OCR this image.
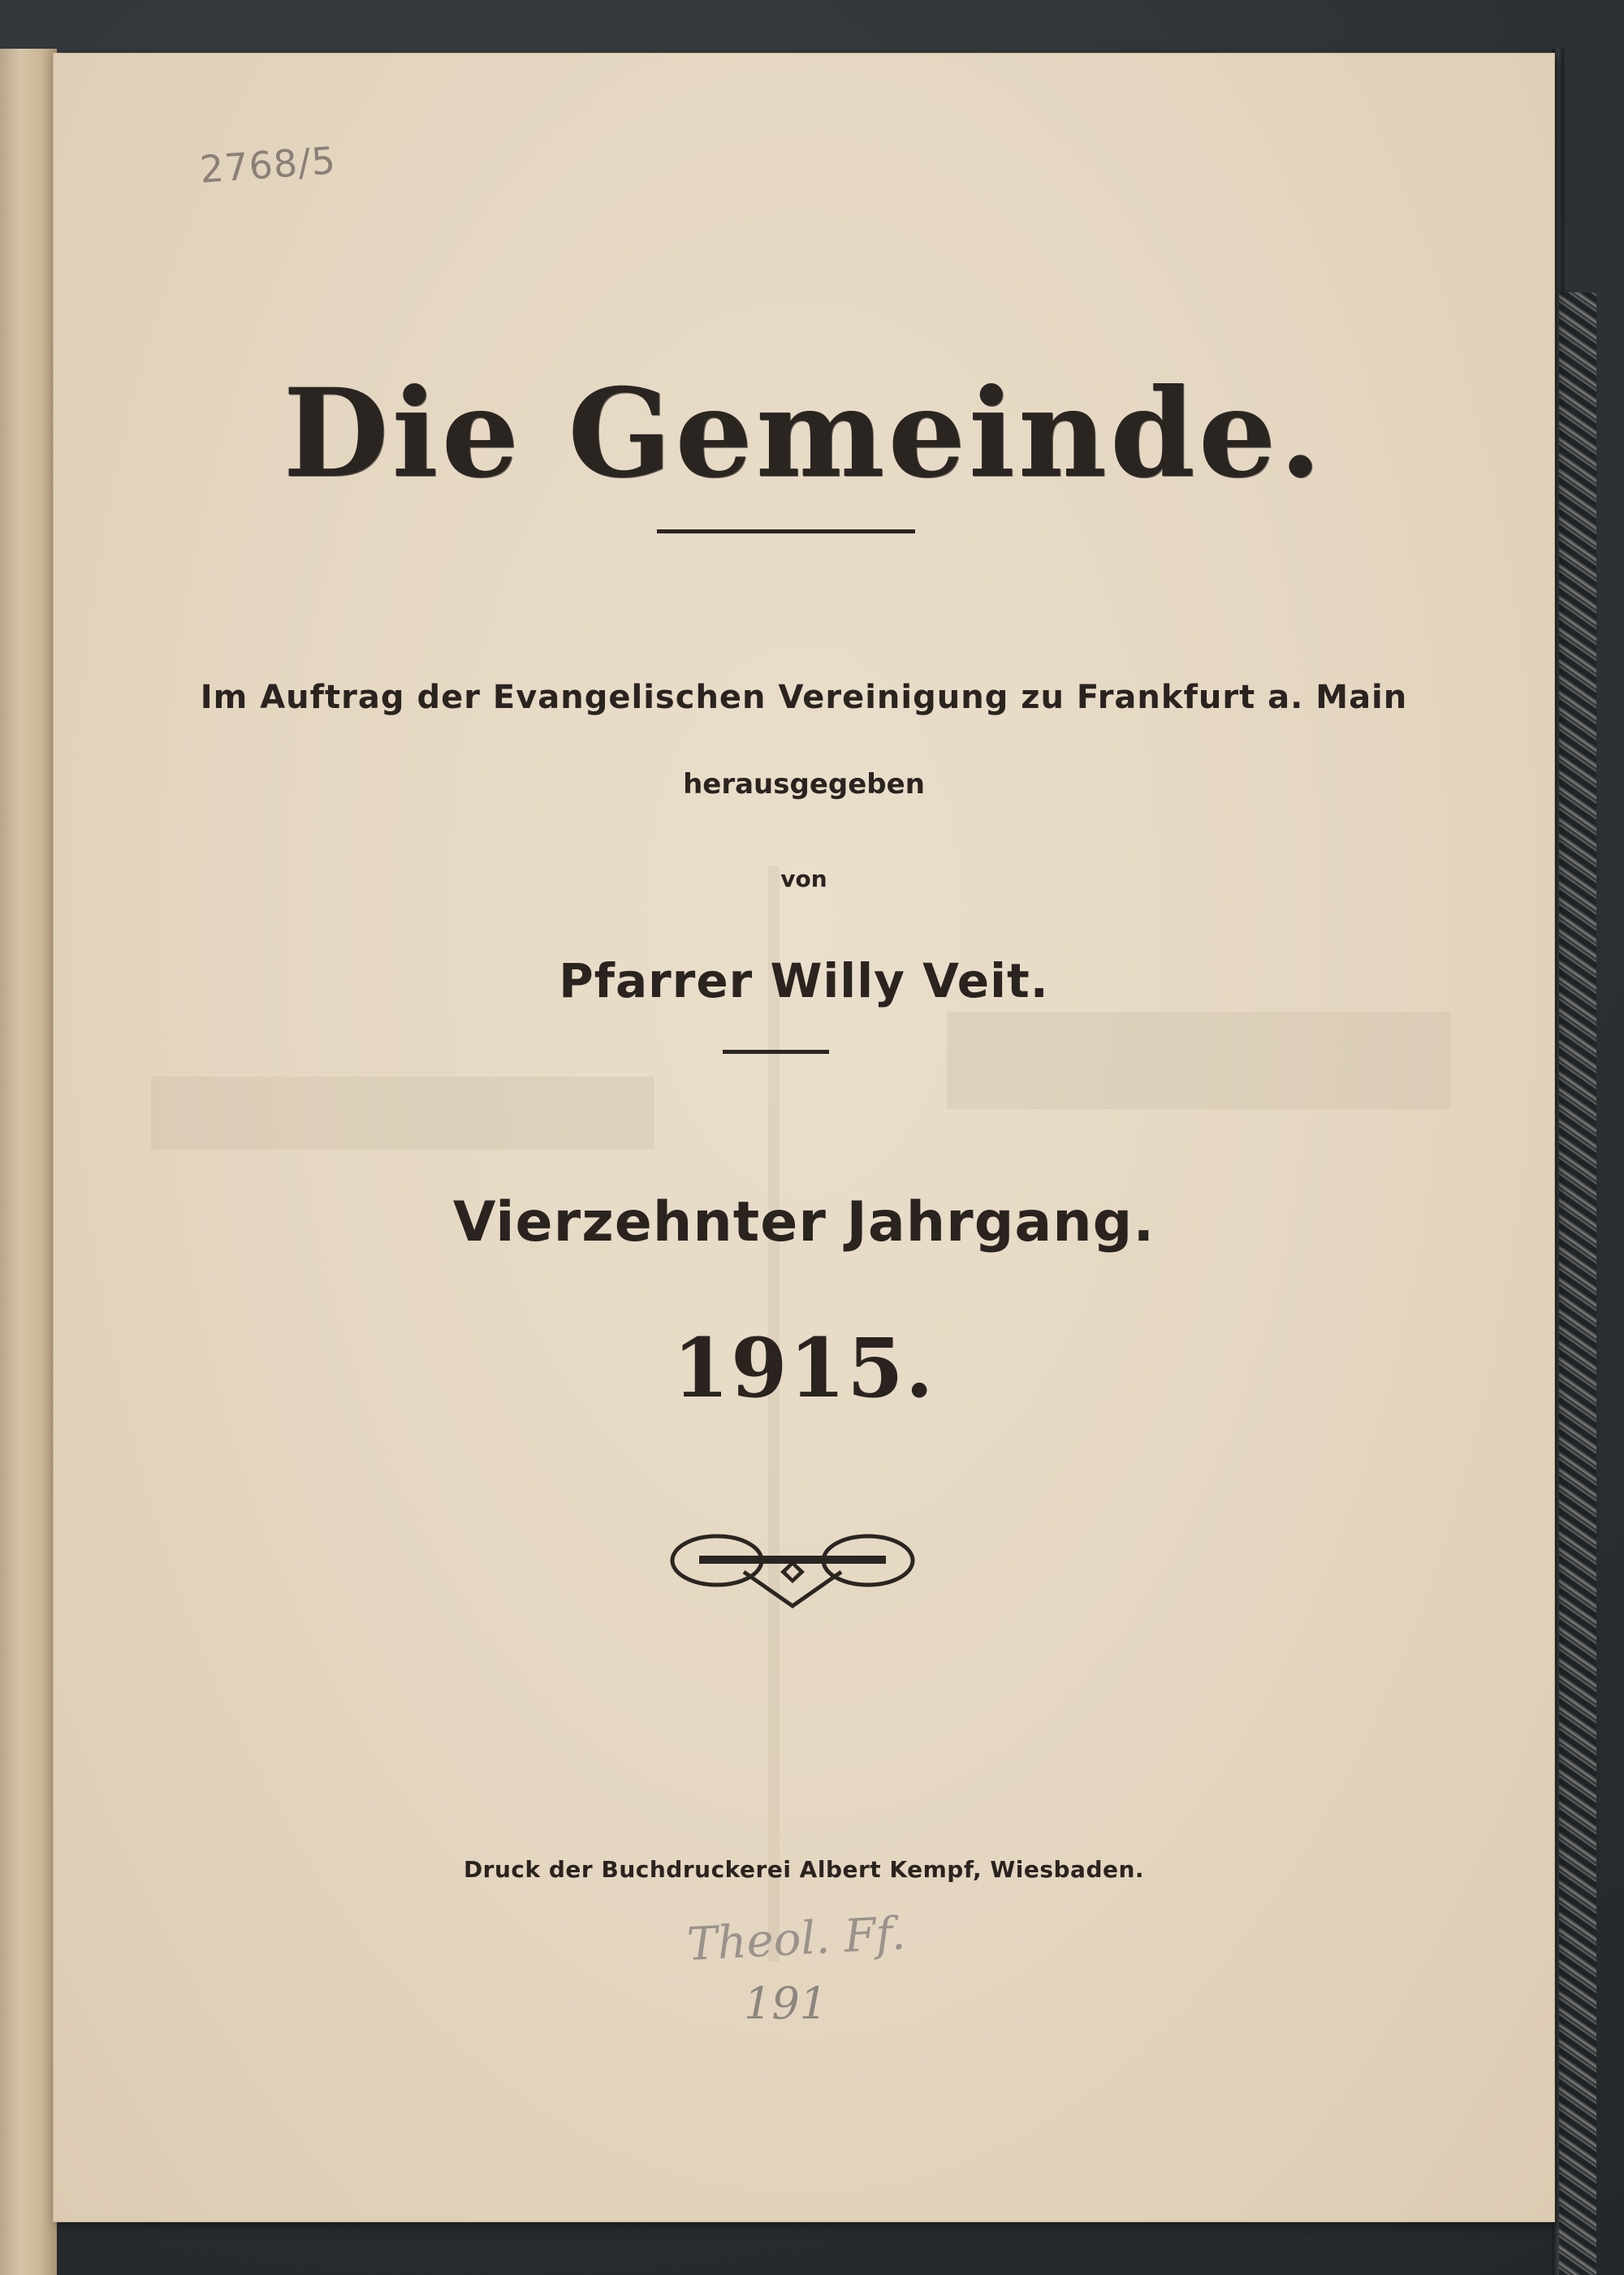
2768/5
Die Gemeinde.
Im Auftrag der Evangelischen Vereinigung zu Frankfurt a. Main
herausgegeben
von
Pfarrer Willy Veit.
Vierzehnter Jahrgang.
1915.
Druck der Buchdruckerei Albert Kempf, Wiesbaden.
Theol. Ff.
191
